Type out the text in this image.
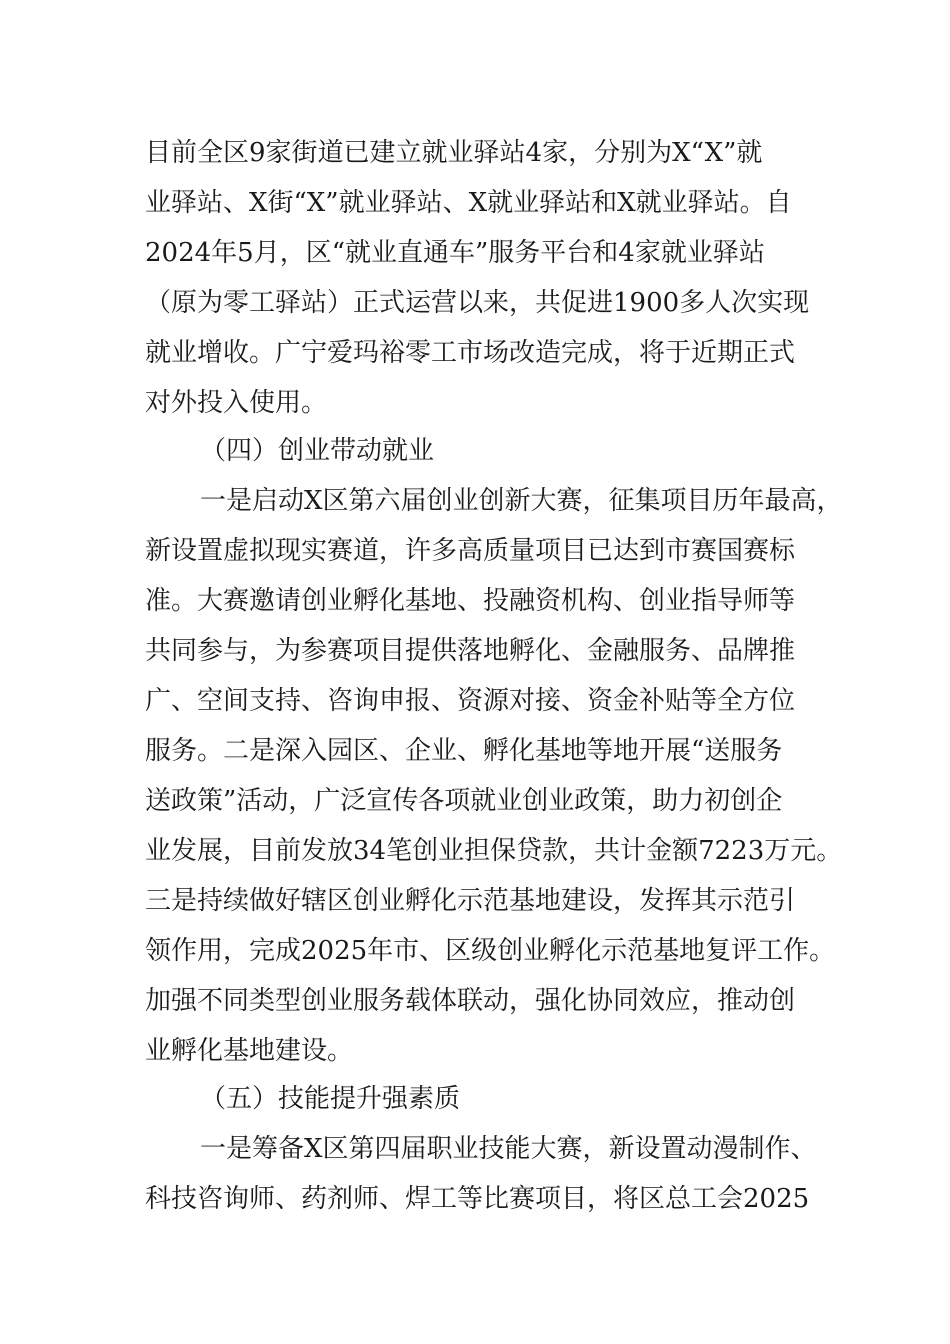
目前全区9家街道已建立就业驿站4家，分别为X“X”就
业驿站、X街“X”就业驿站、X就业驿站和X就业驿站。自
2024年5月，区“就业直通车”服务平台和4家就业驿站
（原为零工驿站）正式运营以来，共促进1900多人次实现
就业增收。广宁爱玛裕零工市场改造完成，将于近期正式
对外投入使用。
（四）创业带动就业
一是启动X区第六届创业创新大赛，征集项目历年最高，
新设置虚拟现实赛道，许多高质量项目已达到市赛国赛标
准。大赛邀请创业孵化基地、投融资机构、创业指导师等
共同参与，为参赛项目提供落地孵化、金融服务、品牌推
广、空间支持、咨询申报、资源对接、资金补贴等全方位
服务。二是深入园区、企业、孵化基地等地开展“送服务
送政策”活动，广泛宣传各项就业创业政策，助力初创企
业发展，目前发放34笔创业担保贷款，共计金额7223万元。
三是持续做好辖区创业孵化示范基地建设，发挥其示范引
领作用，完成2025年市、区级创业孵化示范基地复评工作。
加强不同类型创业服务载体联动，强化协同效应，推动创
业孵化基地建设。
（五）技能提升强素质
一是筹备X区第四届职业技能大赛，新设置动漫制作、
科技咨询师、药剂师、焊工等比赛项目，将区总工会2025
